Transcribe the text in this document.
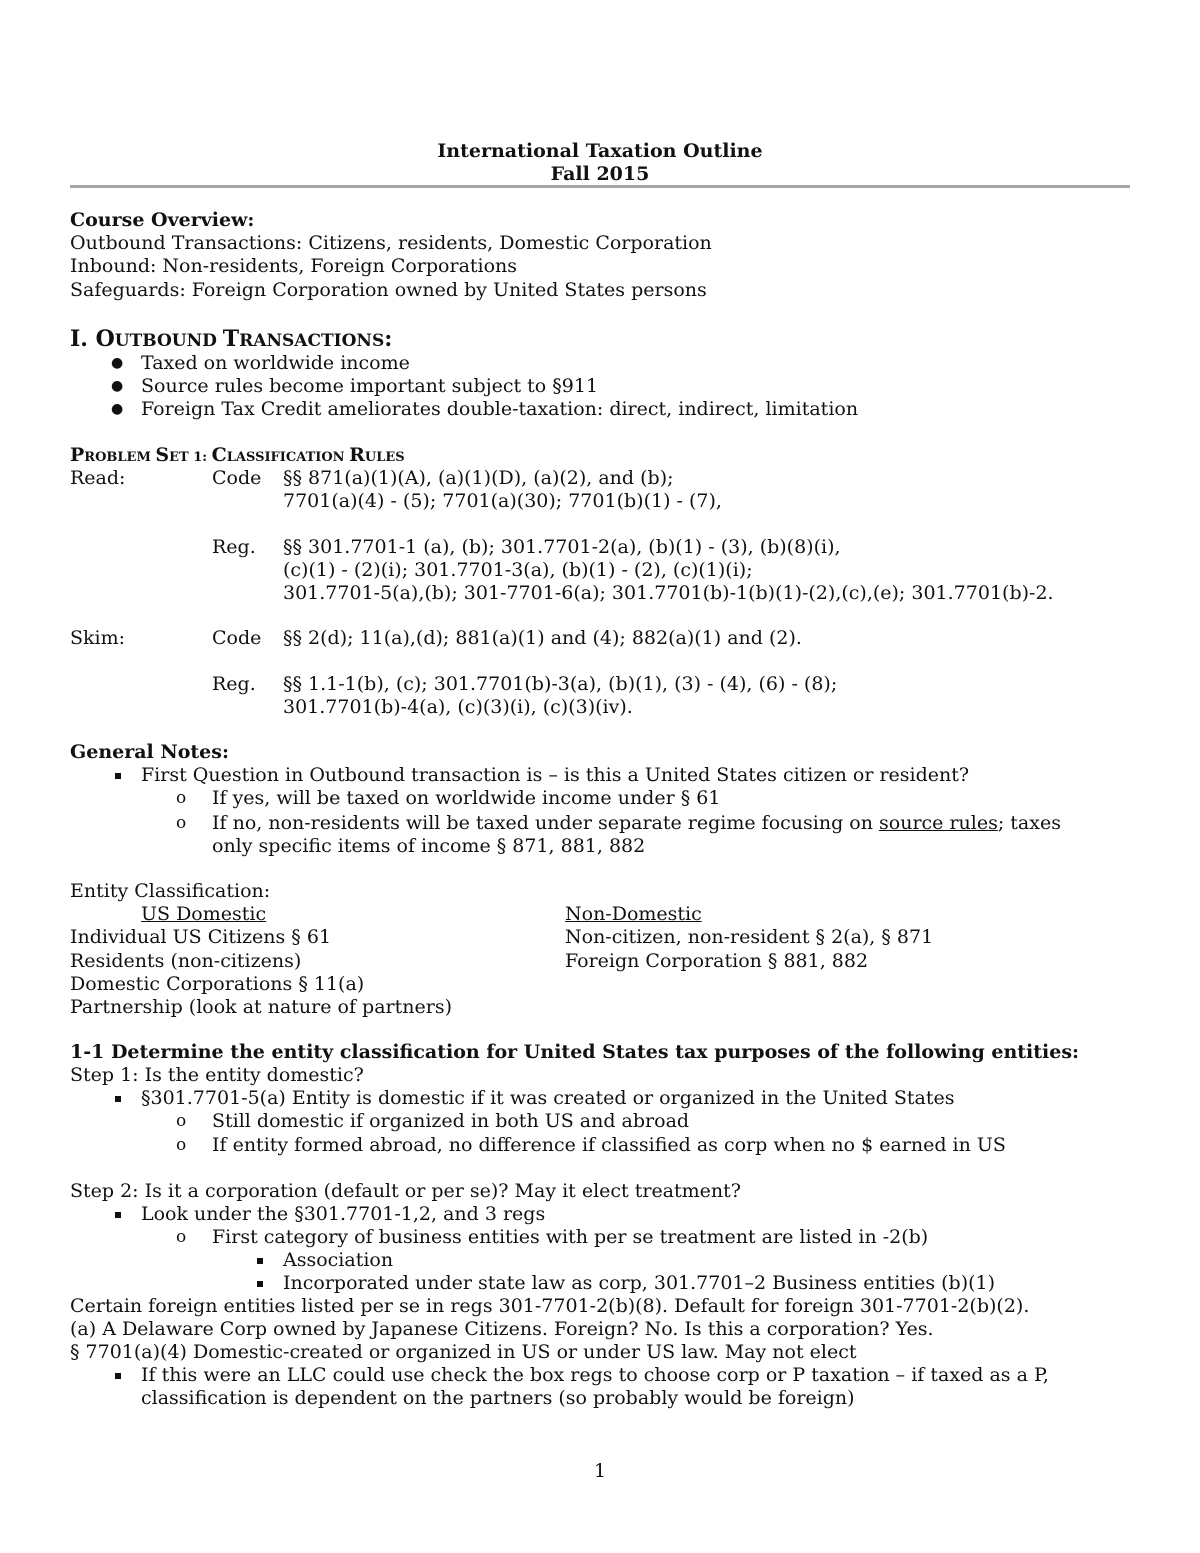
International Taxation Outline
Fall 2015
Course Overview:
Outbound Transactions: Citizens, residents, Domestic Corporation
Inbound: Non-residents, Foreign Corporations
Safeguards: Foreign Corporation owned by United States persons
I. OUTBOUND TRANSACTIONS:
● Taxed on worldwide income
● Source rules become important subject to §911
● Foreign Tax Credit ameliorates double-taxation: direct, indirect, limitation
PROBLEM SET 1: CLASSIFICATION RULES
Read:	Code §§ 871(a)(1)(A), (a)(1)(D), (a)(2), and (b);
7701(a)(4) - (5); 7701(a)(30); 7701(b)(1) - (7),
Reg. §§ 301.7701-1 (a), (b); 301.7701-2(a), (b)(1) - (3), (b)(8)(i),
(c)(1) - (2)(i); 301.7701-3(a), (b)(1) - (2), (c)(1)(i);
301.7701-5(a),(b); 301-7701-6(a); 301.7701(b)-1(b)(1)-(2),(c),(e); 301.7701(b)-2.
Skim:	Code §§ 2(d); 11(a),(d); 881(a)(1) and (4); 882(a)(1) and (2).
Reg. §§ 1.1-1(b), (c); 301.7701(b)-3(a), (b)(1), (3) - (4), (6) - (8);
301.7701(b)-4(a), (c)(3)(i), (c)(3)(iv).
General Notes:
First Question in Outbound transaction is – is this a United States citizen or resident?
o If yes, will be taxed on worldwide income under § 61
o If no, non-residents will be taxed under separate regime focusing on source rules; taxes
only specific items of income § 871, 881, 882
Entity Classification:
US Domestic	Non-Domestic
Individual US Citizens § 61	Non-citizen, non-resident § 2(a), § 871
Residents (non-citizens)	Foreign Corporation § 881, 882
Domestic Corporations § 11(a)
Partnership (look at nature of partners)
1-1 Determine the entity classification for United States tax purposes of the following entities:
Step 1: Is the entity domestic?
§301.7701-5(a) Entity is domestic if it was created or organized in the United States
o Still domestic if organized in both US and abroad
o If entity formed abroad, no difference if classified as corp when no $ earned in US
Step 2: Is it a corporation (default or per se)? May it elect treatment?
Look under the §301.7701-1,2, and 3 regs
o First category of business entities with per se treatment are listed in -2(b)
Association
Incorporated under state law as corp, 301.7701–2 Business entities (b)(1)
Certain foreign entities listed per se in regs 301-7701-2(b)(8). Default for foreign 301-7701-2(b)(2).
(a) A Delaware Corp owned by Japanese Citizens. Foreign? No. Is this a corporation? Yes.
§ 7701(a)(4) Domestic-created or organized in US or under US law. May not elect
If this were an LLC could use check the box regs to choose corp or P taxation – if taxed as a P,
classification is dependent on the partners (so probably would be foreign)
1
